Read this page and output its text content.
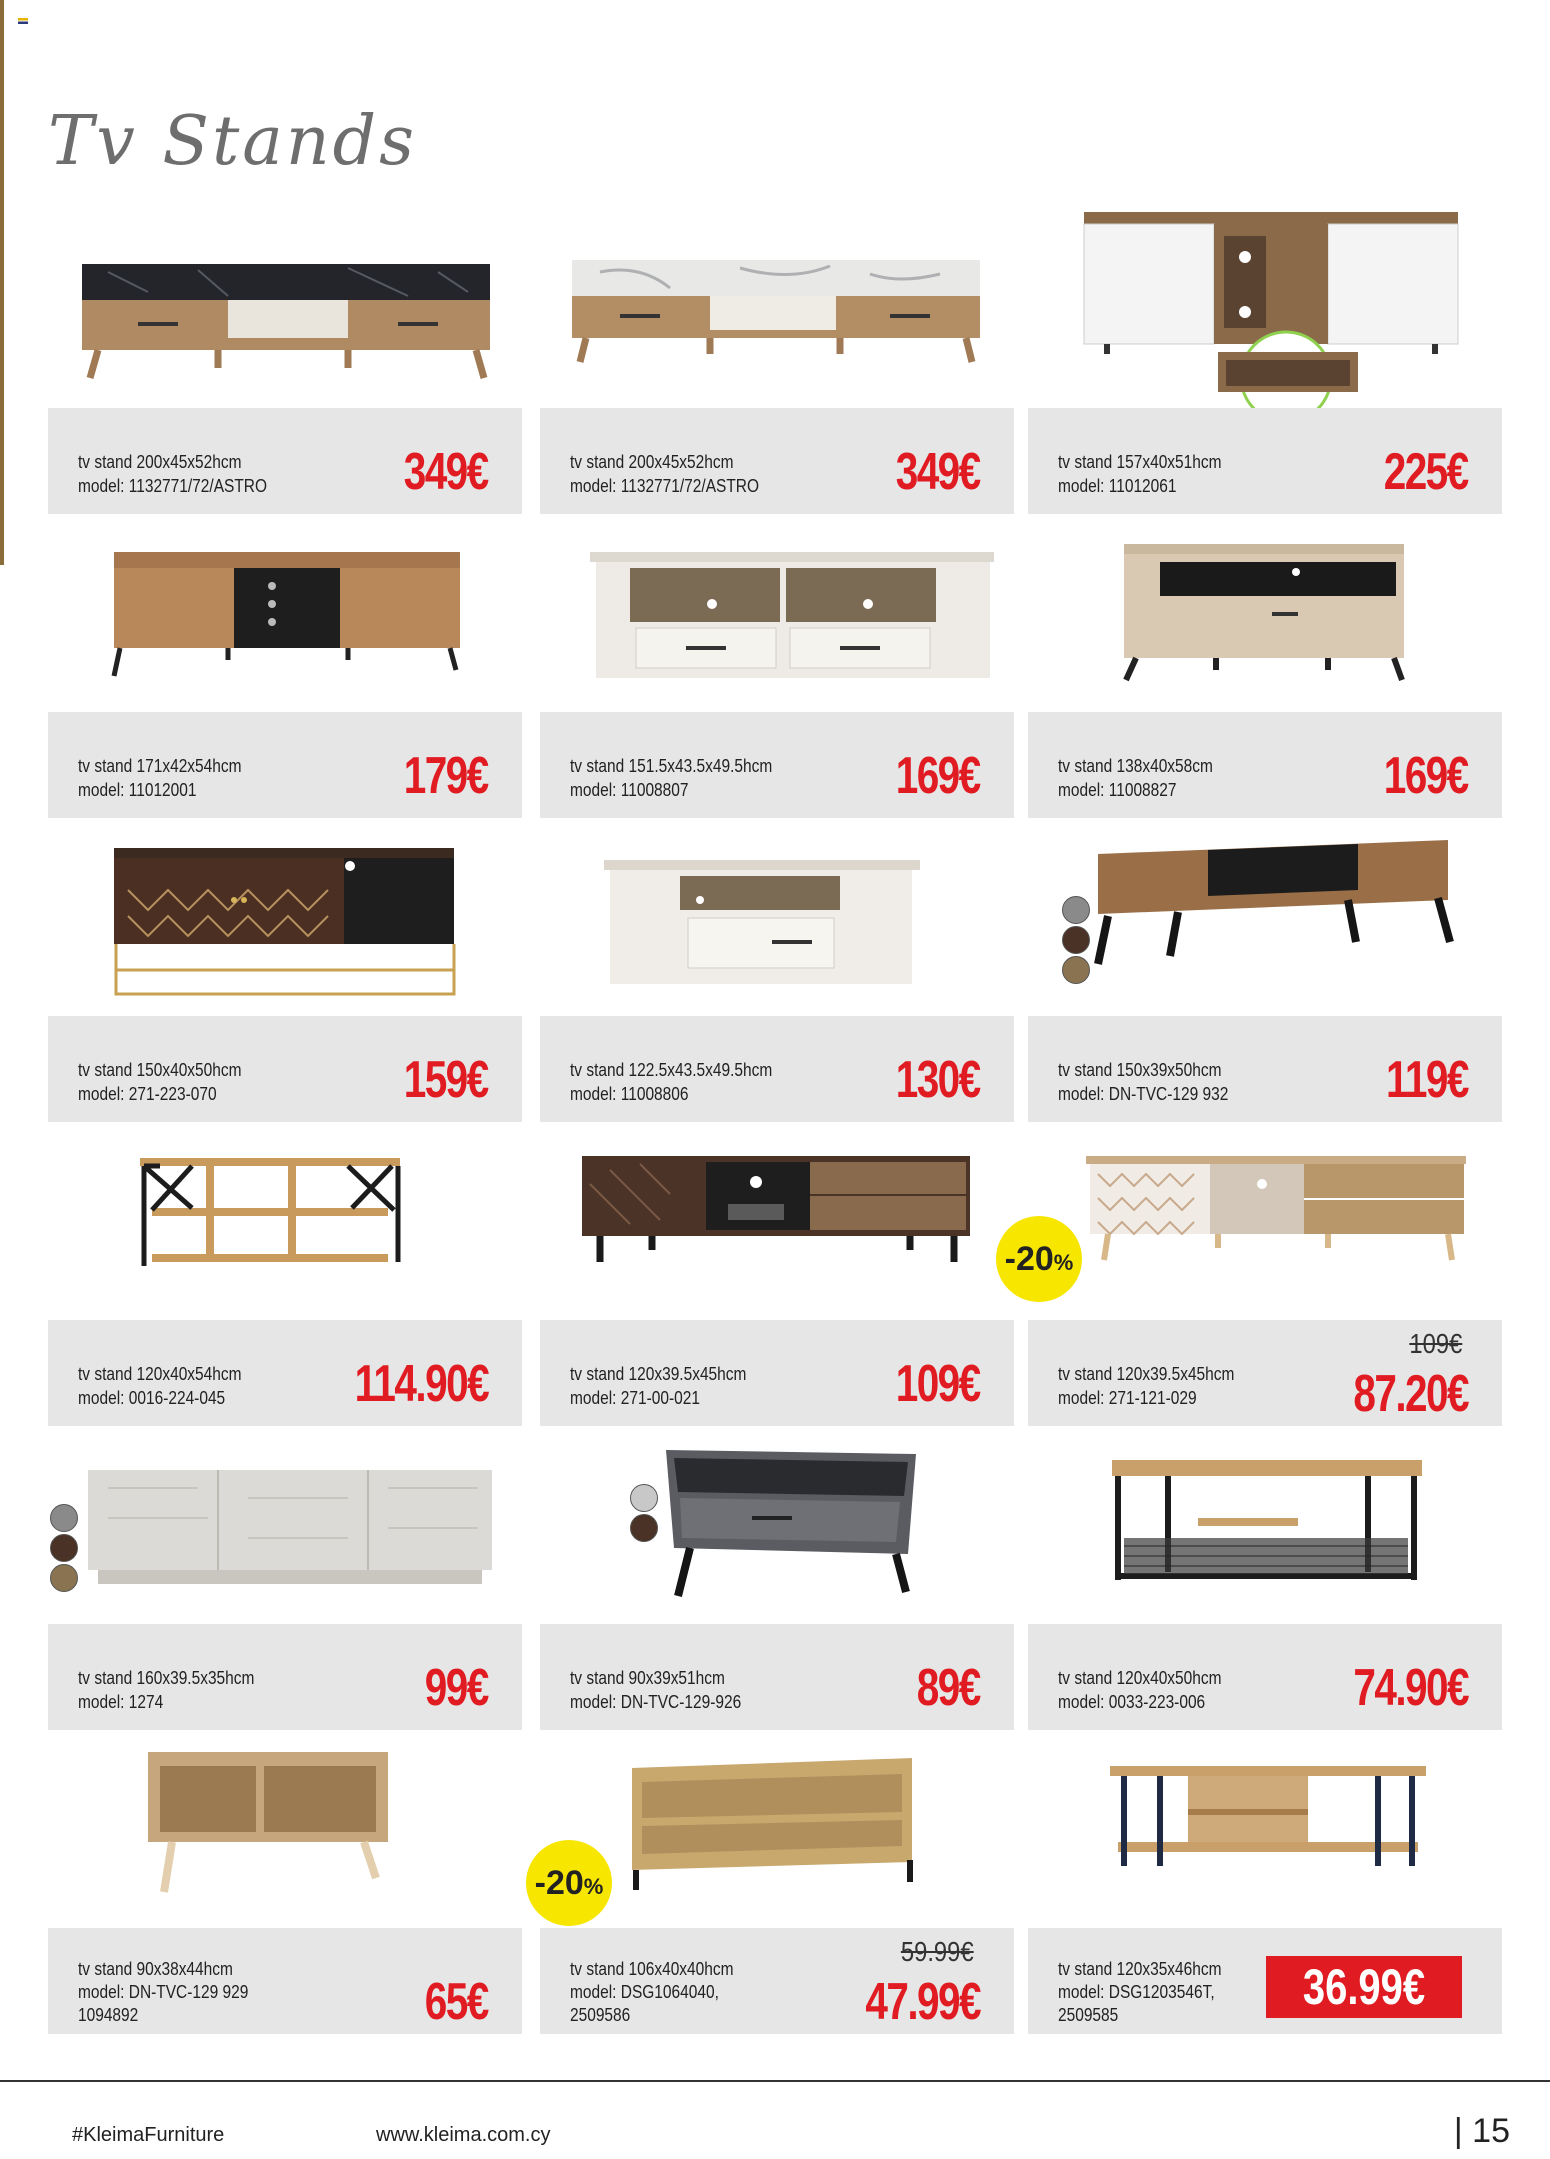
Tv Stands
tv stand 200x45x52hcm
model: 1132771/72/ASTRO	349€	tv stand 200x45x52hcm
model: 1132771/72/ASTRO	349€	tv stand 157x40x51hcm
model: 11012061	225€
tv stand 171x42x54hcm
model: 11012001	179€	tv stand 151.5x43.5x49.5hcm
model: 11008807	169€	tv stand 138x40x58cm
model: 11008827	169€
tv stand 150x40x50hcm
model: 271-223-070	159€	tv stand 122.5x43.5x49.5hcm
model: 11008806	130€	tv stand 150x39x50hcm
model: DN-TVC-129 932	119€
tv stand 120x40x54hcm
model: 0016-224-045	114.90€	tv stand 120x39.5x45hcm
model: 271-00-021	109€
-20%
109€
tv stand 120x39.5x45hcm
model: 271-121-029	87.20€
tv stand 160x39.5x35hcm
model: 1274	99€	tv stand 90x39x51hcm
model: DN-TVC-129-926	89€	tv stand 120x40x50hcm
model: 0033-223-006	74.90€
tv stand 90x38x44hcm
model: DN-TVC-129 929
1094892	65€
-20%
59.99€
tv stand 106x40x40hcm
model: DSG1064040,
2509586	47.99€
tv stand 120x35x46hcm
model: DSG1203546T,
2509585	36.99€
#KleimaFurniture	www.kleima.com.cy	| 15
